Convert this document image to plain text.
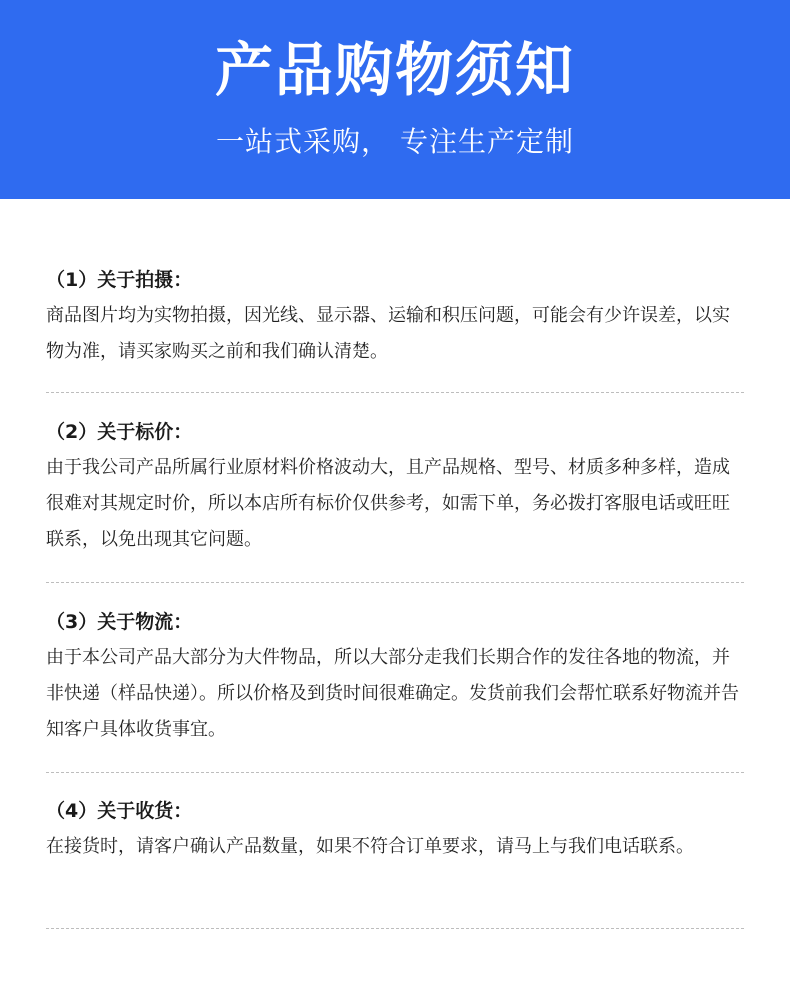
产品购物须知
一站式采购， 专注生产定制
（1）关于拍摄：
商品图片均为实物拍摄，因光线、显示器、运输和积压问题，可能会有少许误差，以实物为准，请买家购买之前和我们确认清楚。
（2）关于标价：
由于我公司产品所属行业原材料价格波动大，且产品规格、型号、材质多种多样，造成很难对其规定时价，所以本店所有标价仅供参考，如需下单，务必拨打客服电话或旺旺联系，以免出现其它问题。
（3）关于物流：
由于本公司产品大部分为大件物品，所以大部分走我们长期合作的发往各地的物流，并非快递（样品快递）。所以价格及到货时间很难确定。发货前我们会帮忙联系好物流并告知客户具体收货事宜。
（4）关于收货：
在接货时，请客户确认产品数量，如果不符合订单要求，请马上与我们电话联系。
